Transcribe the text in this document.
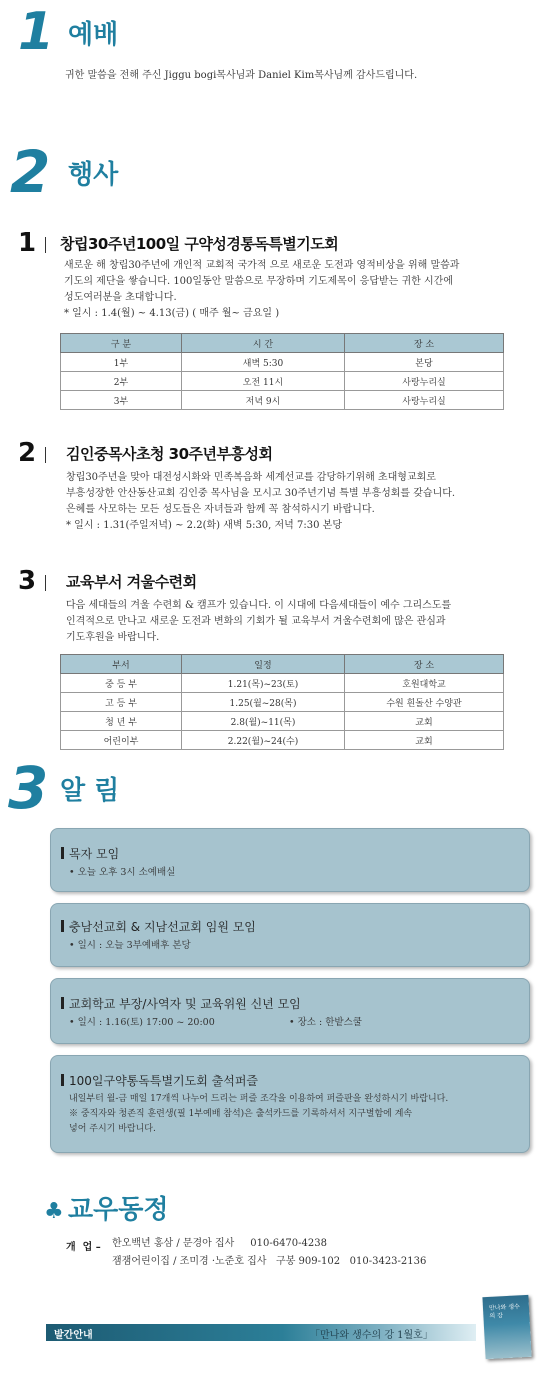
1 예배
귀한 말씀을 전해 주신 Jiggu bogi목사님과 Daniel Kim목사님께 감사드립니다.
2 행사
1 창립30주년100일 구약성경통독특별기도회
새로운 해 창립30주년에 개인적 교회적 국가적 으로 새로운 도전과 영적비상을 위해 말씀과
기도의 제단을 쌓습니다. 100일동안 말씀으로 무장하며 기도제목이 응답받는 귀한 시간에
성도여러분을 초대합니다.
* 일시 : 1.4(월) ~ 4.13(금) ( 매주 월~ 금요일 )
구 분	시 간	장 소
1부	새벽 5:30	본당
2부	오전 11시	사랑누리실
3부	저녁 9시	사랑누리실
2 김인중목사초청 30주년부흥성회
창립30주년을 맞아 대전성시화와 민족복음화 세계선교를 감당하기위해 초대형교회로
부흥성장한 안산동산교회 김인중 목사님을 모시고 30주년기념 특별 부흥성회를 갖습니다.
은혜를 사모하는 모든 성도들은 자녀들과 함께 꼭 참석하시기 바랍니다.
* 일시 : 1.31(주일저녁) ~ 2.2(화) 새벽 5:30, 저녁 7:30 본당
3 교육부서 겨울수련회
다음 세대들의 겨울 수련회 & 캠프가 있습니다. 이 시대에 다음세대들이 예수 그리스도를
인격적으로 만나고 새로운 도전과 변화의 기회가 될 교육부서 겨울수련회에 많은 관심과
기도후원을 바랍니다.
부서	일정	장 소
중 등 부	1.21(목)~23(토)	호원대학교
고 등 부	1.25(월~28(목)	수원 흰돌산 수양관
청 년 부	2.8(월)~11(목)	교회
어린이부	2.22(월)~24(수)	교회
3 알 림
목자 모임
• 오늘 오후 3시 소예배실
충남선교회 & 지남선교회 임원 모임
• 일시 : 오늘 3부예배후 본당
교회학교 부장/사역자 및 교육위원 신년 모임
• 일시 : 1.16(토) 17:00 ~ 20:00	• 장소 : 한밭스쿨
100일구약통독특별기도회 출석퍼즐
내일부터 월-금 매일 17개씩 나누어 드리는 퍼즐 조각을 이용하여 퍼즐판을 완성하시기 바랍니다.
※ 중직자와 청존직 훈련생(필 1부예배 참석)은 출석카드를 기록하셔서 지구별함에 계속
넣어 주시기 바랍니다.
♣ 교우동정
개  업 – 한오백년 홍삼 / 문경아 집사     010-6470-4238
잼잼어린이집 / 조미경 ·노준호 집사   구봉 909-102   010-3423-2136
발간안내	「만나와 생수의 강 1월호」
만나와 생수의 강
